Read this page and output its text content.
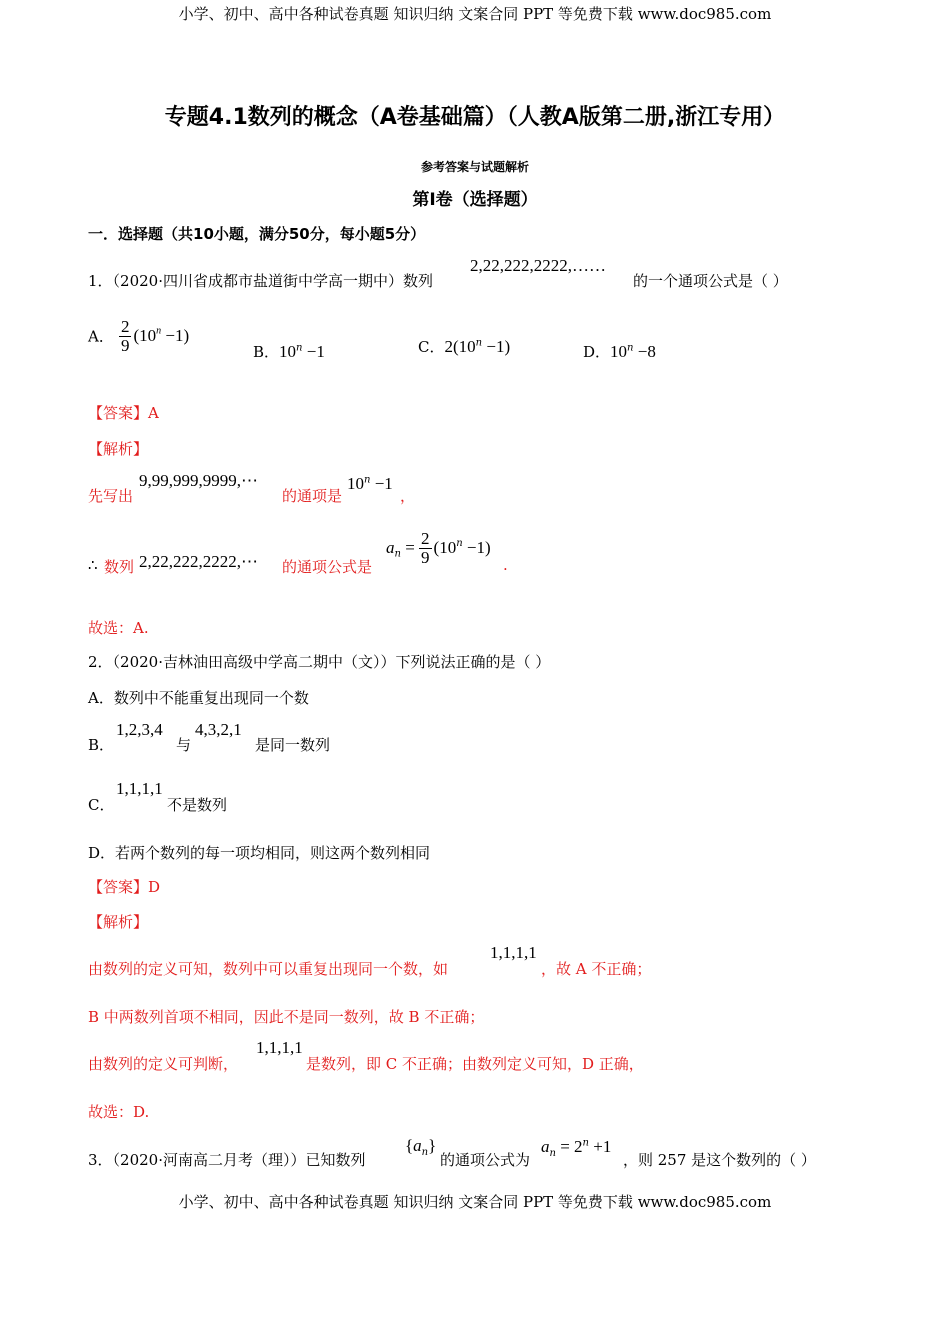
小学、初中、高中各种试卷真题 知识归纳 文案合同 PPT 等免费下载 www.doc985.com
小学、初中、高中各种试卷真题 知识归纳 文案合同 PPT 等免费下载 www.doc985.com
专题4.1数列的概念（A卷基础篇）（人教A版第二册,浙江专用）
参考答案与试题解析
第Ⅰ卷（选择题）
一．选择题（共10小题，满分50分，每小题5分）
1．（2020·四川省成都市盐道街中学高一期中）数列
2,22,222,2222,……
的一个通项公式是（ ）
A． $\frac{2}{9} (10^n -1)$
B．$10^n -1$	C．$2(10^n -1)$	D．$10^n -8$
【答案】A
【解析】
先写出
9,99,999,9999,⋯
的通项是
$10^n -1$
，
∴ 数列 2,22,222,2222,⋯ 的通项公式是
$a_n = \frac{2}{9} (10^n -1)$
.
故选：A.
2．（2020·吉林油田高级中学高二期中（文））下列说法正确的是（ ）
A．数列中不能重复出现同一个数
B．
1,2,3,4
与
4,3,2,1
是同一数列
C．
1,1,1,1
不是数列
D．若两个数列的每一项均相同，则这两个数列相同
【答案】D
【解析】
由数列的定义可知，数列中可以重复出现同一个数，如
1,1,1,1
，故 A 不正确；
B 中两数列首项不相同，因此不是同一数列，故 B 不正确；
由数列的定义可判断，
1,1,1,1
是数列，即 C 不正确；由数列定义可知，D 正确，
故选：D.
3．（2020·河南高二月考（理））已知数列
$\{a_n\}$
的通项公式为
$a_n = 2^n +1$
，则 257 是这个数列的（ ）
